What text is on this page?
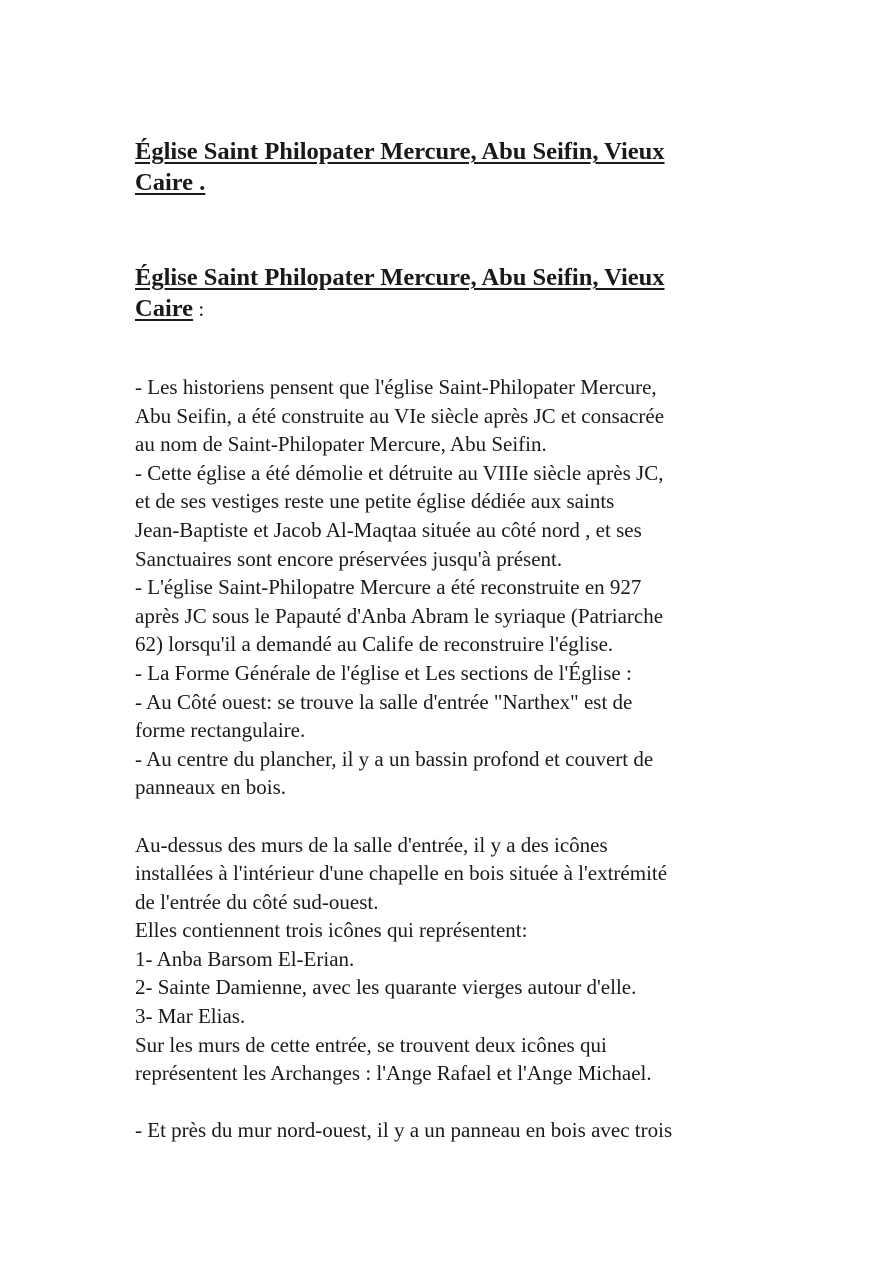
Église Saint Philopater Mercure, Abu Seifin, Vieux
Caire .
Église Saint Philopater Mercure, Abu Seifin, Vieux
Caire :
- Les historiens pensent que l'église Saint-Philopater Mercure,
Abu Seifin, a été construite au VIe siècle après JC et consacrée
au nom de Saint-Philopater Mercure, Abu Seifin.
- Cette église a été démolie et détruite au VIIIe siècle après JC,
et de ses vestiges reste une petite église dédiée aux saints
Jean-Baptiste et Jacob Al-Maqtaa située au côté nord , et ses
Sanctuaires sont encore préservées jusqu'à présent.
- L'église Saint-Philopatre Mercure a été reconstruite en 927
après JC sous le Papauté d'Anba Abram le syriaque (Patriarche
62) lorsqu'il a demandé au Calife de reconstruire l'église.
- La Forme Générale de l'église et Les sections de l'Église :
- Au Côté ouest: se trouve la salle d'entrée "Narthex" est de
forme rectangulaire.
- Au centre du plancher, il y a un bassin profond et couvert de
panneaux en bois.
Au-dessus des murs de la salle d'entrée, il y a des icônes
installées à l'intérieur d'une chapelle en bois située à l'extrémité
de l'entrée du côté sud-ouest.
Elles contiennent trois icônes qui représentent:
1- Anba Barsom El-Erian.
2- Sainte Damienne, avec les quarante vierges autour d'elle.
3- Mar Elias.
Sur les murs de cette entrée, se trouvent deux icônes qui
représentent les Archanges : l'Ange Rafael et l'Ange Michael.
- Et près du mur nord-ouest, il y a un panneau en bois avec trois
